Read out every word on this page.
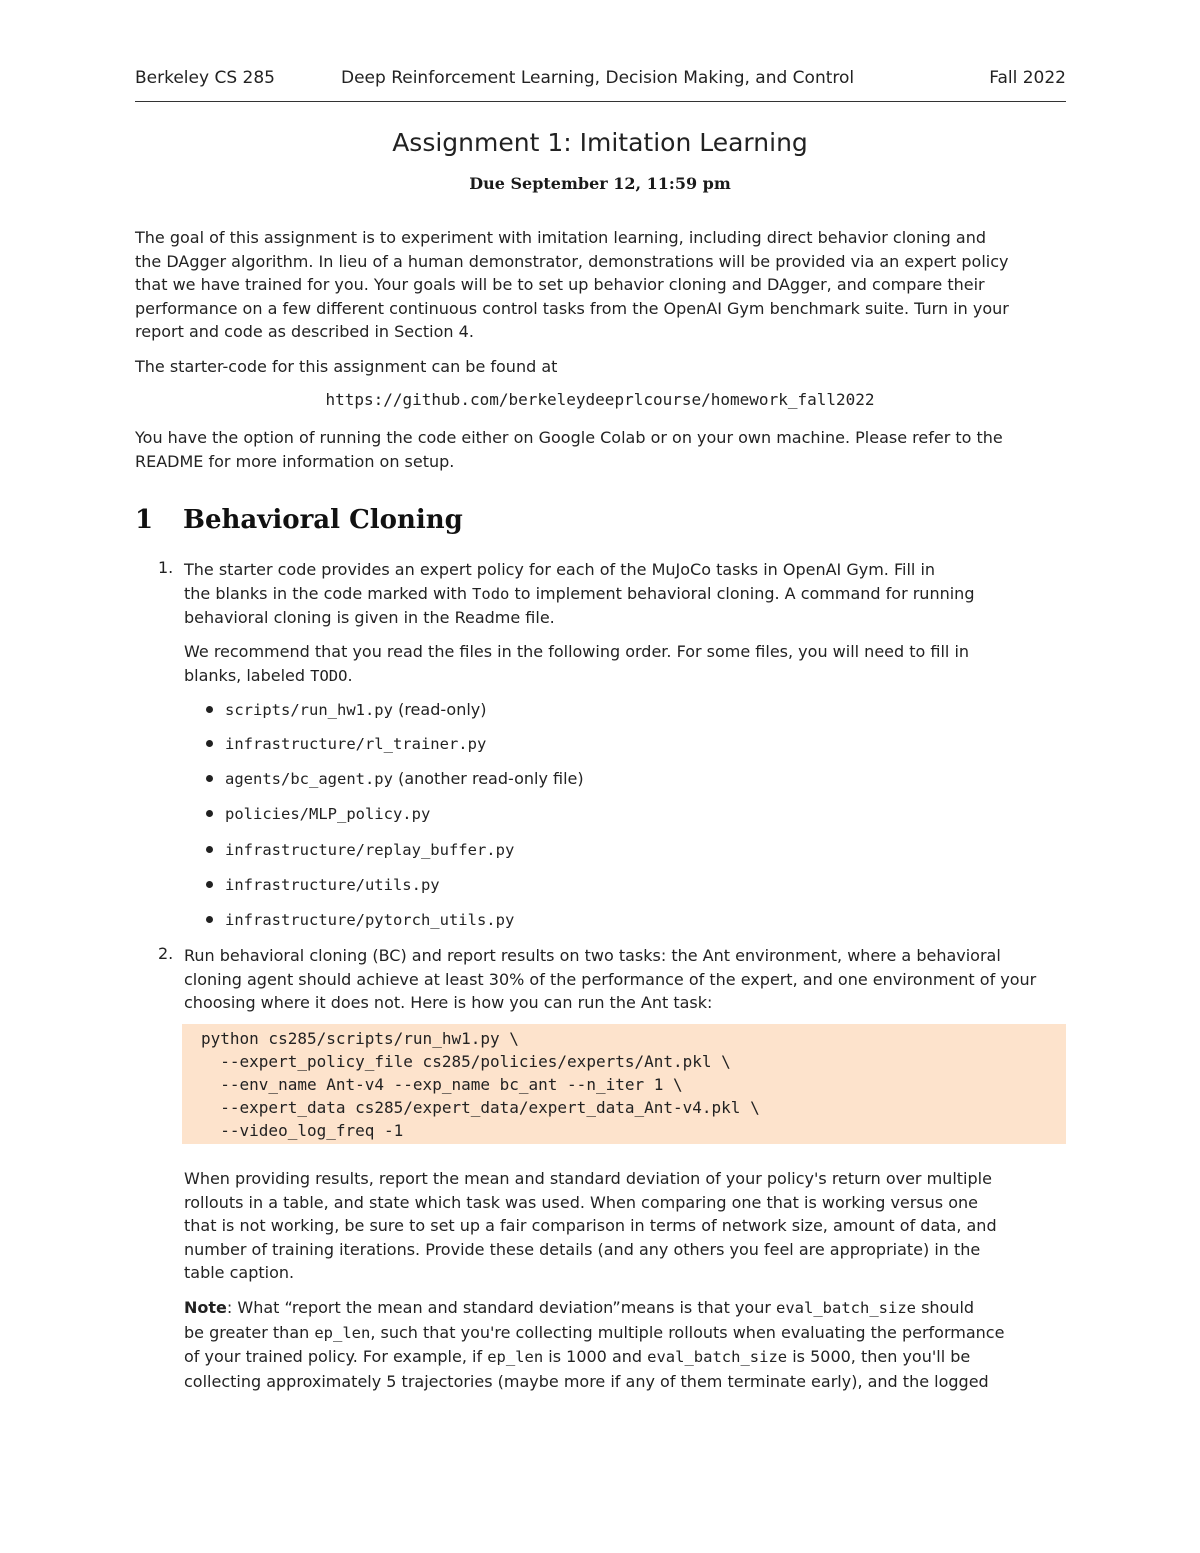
Berkeley CS 285	Deep Reinforcement Learning, Decision Making, and Control	Fall 2022
Assignment 1: Imitation Learning
Due September 12, 11:59 pm
The goal of this assignment is to experiment with imitation learning, including direct behavior cloning and
the DAgger algorithm. In lieu of a human demonstrator, demonstrations will be provided via an expert policy
that we have trained for you. Your goals will be to set up behavior cloning and DAgger, and compare their
performance on a few different continuous control tasks from the OpenAI Gym benchmark suite. Turn in your
report and code as described in Section 4.
The starter-code for this assignment can be found at
https://github.com/berkeleydeeprlcourse/homework_fall2022
You have the option of running the code either on Google Colab or on your own machine. Please refer to the
README for more information on setup.
1 Behavioral Cloning
1. The starter code provides an expert policy for each of the MuJoCo tasks in OpenAI Gym. Fill in
the blanks in the code marked with Todo to implement behavioral cloning. A command for running
behavioral cloning is given in the Readme file.
We recommend that you read the files in the following order. For some files, you will need to fill in
blanks, labeled TODO.
scripts/run_hw1.py (read-only)
infrastructure/rl_trainer.py
agents/bc_agent.py (another read-only file)
policies/MLP_policy.py
infrastructure/replay_buffer.py
infrastructure/utils.py
infrastructure/pytorch_utils.py
2. Run behavioral cloning (BC) and report results on two tasks: the Ant environment, where a behavioral
cloning agent should achieve at least 30% of the performance of the expert, and one environment of your
choosing where it does not. Here is how you can run the Ant task:
python cs285/scripts/run_hw1.py \
--expert_policy_file cs285/policies/experts/Ant.pkl \
--env_name Ant-v4 --exp_name bc_ant --n_iter 1 \
--expert_data cs285/expert_data/expert_data_Ant-v4.pkl \
--video_log_freq -1
When providing results, report the mean and standard deviation of your policy's return over multiple
rollouts in a table, and state which task was used. When comparing one that is working versus one
that is not working, be sure to set up a fair comparison in terms of network size, amount of data, and
number of training iterations. Provide these details (and any others you feel are appropriate) in the
table caption.
Note: What “report the mean and standard deviation”means is that your eval_batch_size should
be greater than ep_len, such that you're collecting multiple rollouts when evaluating the performance
of your trained policy. For example, if ep_len is 1000 and eval_batch_size is 5000, then you'll be
collecting approximately 5 trajectories (maybe more if any of them terminate early), and the logged
